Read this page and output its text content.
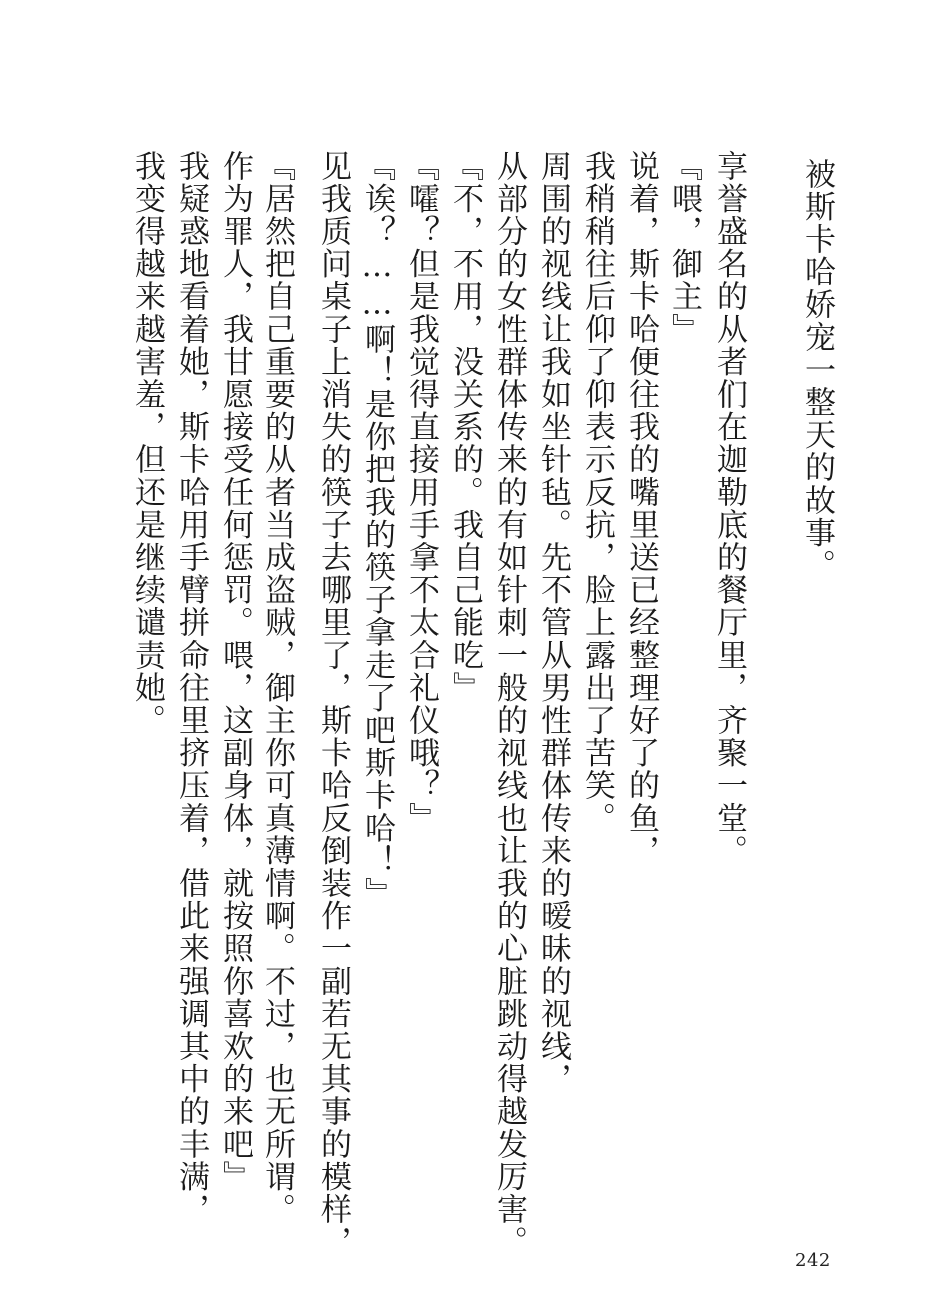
被斯卡哈娇宠一整天的故事。

享誉盛名的从者们在迦勒底的餐厅里，齐聚一堂。

『喂，御主』

说着，斯卡哈便往我的嘴里送已经整理好了的鱼，

我稍稍往后仰了仰表示反抗，脸上露出了苦笑。

周围的视线让我如坐针毡。先不管从男性群体传来的暧昧的视线，

从部分的女性群体传来的有如针刺一般的视线也让我的心脏跳动得越发厉害。

『不，不用，没关系的。我自己能吃』

『嚯？但是我觉得直接用手拿不太合礼仪哦？』

『诶？……啊！是你把我的筷子拿走了吧斯卡哈！』

见我质问桌子上消失的筷子去哪里了，斯卡哈反倒装作一副若无其事的模样，

『居然把自己重要的从者当成盗贼，御主你可真薄情啊。不过，也无所谓。

作为罪人，我甘愿接受任何惩罚。喂，这副身体，就按照你喜欢的来吧』

我疑惑地看着她，斯卡哈用手臂拼命往里挤压着，借此来强调其中的丰满，

我变得越来越害羞，但还是继续谴责她。

242
